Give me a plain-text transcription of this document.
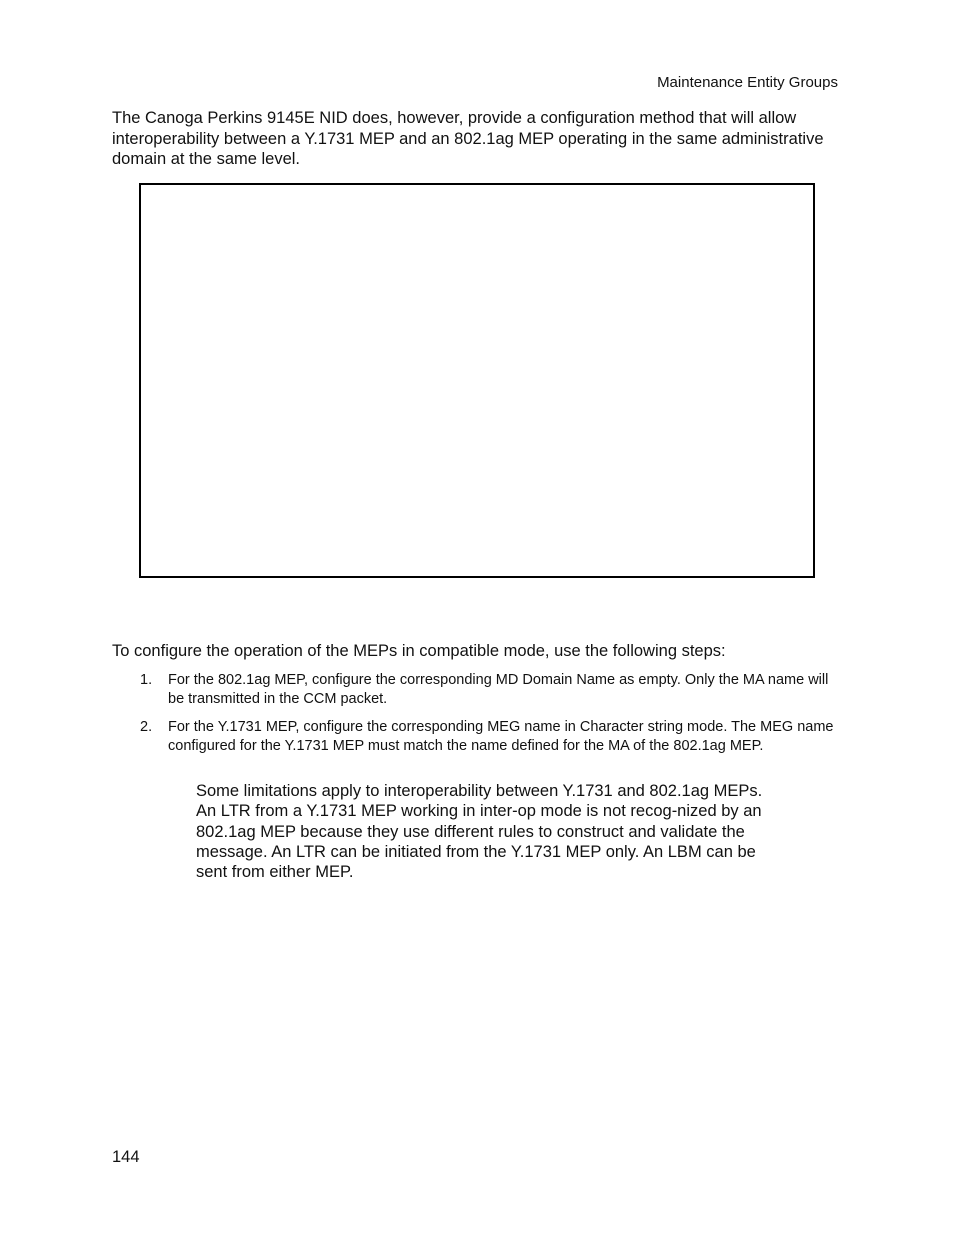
Maintenance Entity Groups

The Canoga Perkins 9145E NID does, however, provide a configuration method that will allow interoperability between a Y.1731 MEP and an 802.1ag MEP operating in the same administrative domain at the same level.

To configure the operation of the MEPs in compatible mode, use the following steps:

1. For the 802.1ag MEP, configure the corresponding MD Domain Name as empty. Only the MA name will be transmitted in the CCM packet.
2. For the Y.1731 MEP, configure the corresponding MEG name in Character string mode. The MEG name configured for the Y.1731 MEP must match the name defined for the MA of the 802.1ag MEP.

Some limitations apply to interoperability between Y.1731 and 802.1ag MEPs. An LTR from a Y.1731 MEP working in inter-op mode is not recog-nized by an 802.1ag MEP because they use different rules to construct and validate the message. An LTR can be initiated from the Y.1731 MEP only. An LBM can be sent from either MEP.

144
